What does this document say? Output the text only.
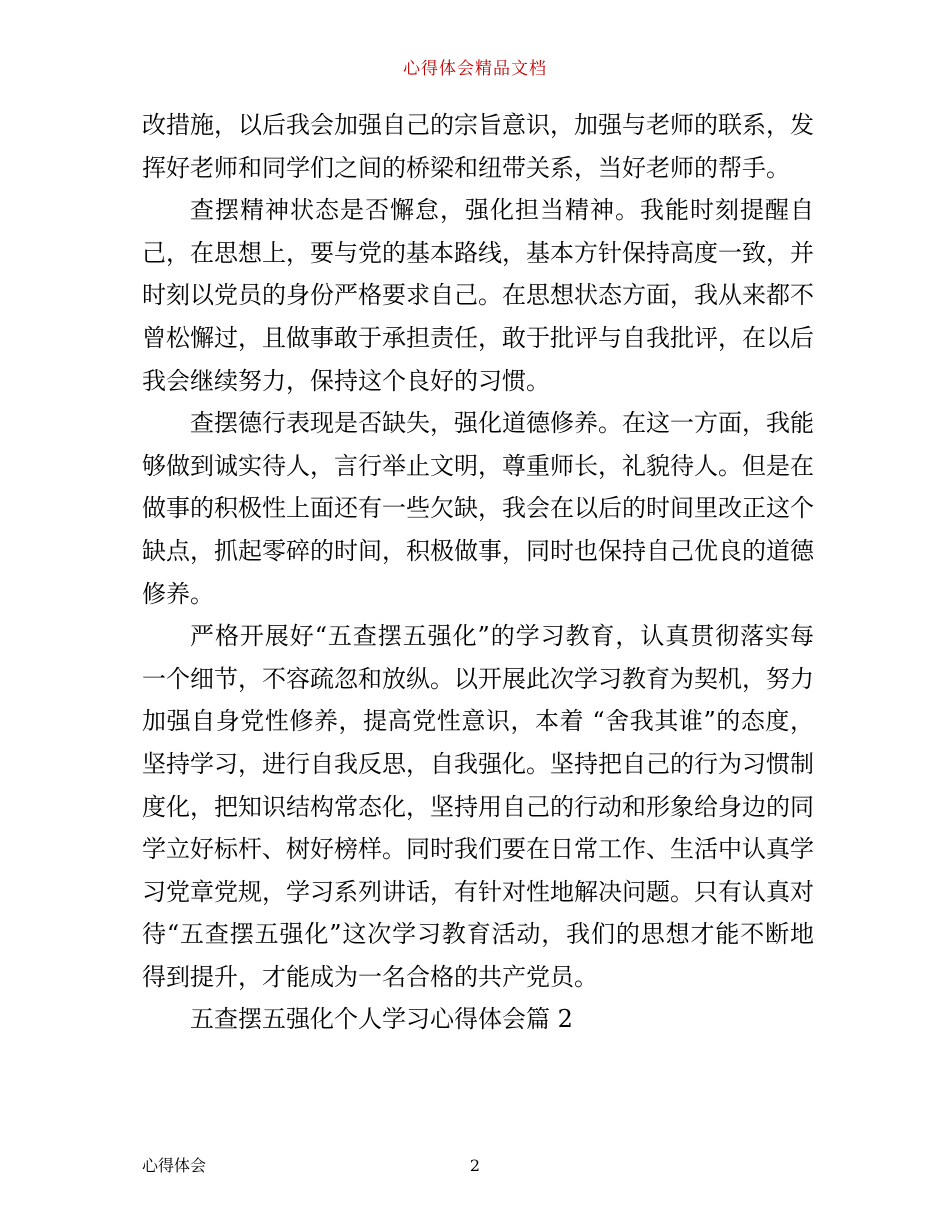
心得体会精品文档

改措施，以后我会加强自己的宗旨意识，加强与老师的联系，发挥好老师和同学们之间的桥梁和纽带关系，当好老师的帮手。

查摆精神状态是否懈怠，强化担当精神。我能时刻提醒自己，在思想上，要与党的基本路线，基本方针保持高度一致，并时刻以党员的身份严格要求自己。在思想状态方面，我从来都不曾松懈过，且做事敢于承担责任，敢于批评与自我批评，在以后我会继续努力，保持这个良好的习惯。

查摆德行表现是否缺失，强化道德修养。在这一方面，我能够做到诚实待人，言行举止文明，尊重师长，礼貌待人。但是在做事的积极性上面还有一些欠缺，我会在以后的时间里改正这个缺点，抓起零碎的时间，积极做事，同时也保持自己优良的道德修养。

严格开展好“五查摆五强化”的学习教育，认真贯彻落实每一个细节，不容疏忽和放纵。以开展此次学习教育为契机，努力加强自身党性修养，提高党性意识，本着 “舍我其谁”的态度，坚持学习，进行自我反思，自我强化。坚持把自己的行为习惯制度化，把知识结构常态化，坚持用自己的行动和形象给身边的同学立好标杆、树好榜样。同时我们要在日常工作、生活中认真学习党章党规，学习系列讲话，有针对性地解决问题。只有认真对待“五查摆五强化”这次学习教育活动，我们的思想才能不断地得到提升，才能成为一名合格的共产党员。

五查摆五强化个人学习心得体会篇 2

心得体会	2
